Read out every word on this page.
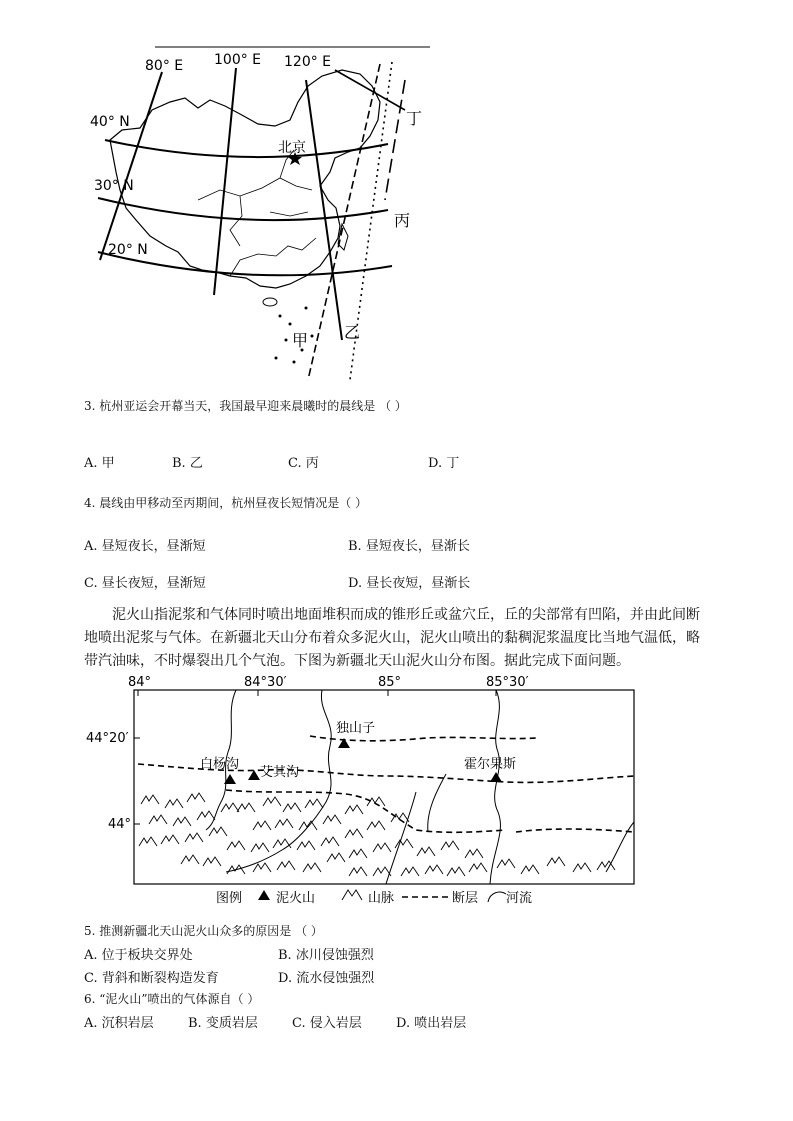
80° E 100° E 120° E
40° N
30° N
20° N
北京
丁
丙
乙
甲
3. 杭州亚运会开幕当天，我国最早迎来晨曦时的晨线是 （ ）
A. 甲	B. 乙	C. 丙	D. 丁
4. 晨线由甲移动至丙期间，杭州昼夜长短情况是（ ）
A. 昼短夜长，昼渐短	B. 昼短夜长，昼渐长
C. 昼长夜短，昼渐短	D. 昼长夜短，昼渐长
泥火山指泥浆和气体同时喷出地面堆积而成的锥形丘或盆穴丘，丘的尖部常有凹陷，并由此间断地喷出泥浆与气体。在新疆北天山分布着众多泥火山，泥火山喷出的黏稠泥浆温度比当地气温低，略带汽油味，不时爆裂出几个气泡。下图为新疆北天山泥火山分布图。据此完成下面问题。
84°	84°30′	85°	85°30′
44°20′
44°
独山子
白杨沟
艾其沟
霍尔果斯
图例	泥火山	山脉	断层 河流
5. 推测新疆北天山泥火山众多的原因是 （ ）
A. 位于板块交界处	B. 冰川侵蚀强烈
C. 背斜和断裂构造发育	D. 流水侵蚀强烈
6. “泥火山”喷出的气体源自（ ）
A. 沉积岩层	B. 变质岩层	C. 侵入岩层	D. 喷出岩层
